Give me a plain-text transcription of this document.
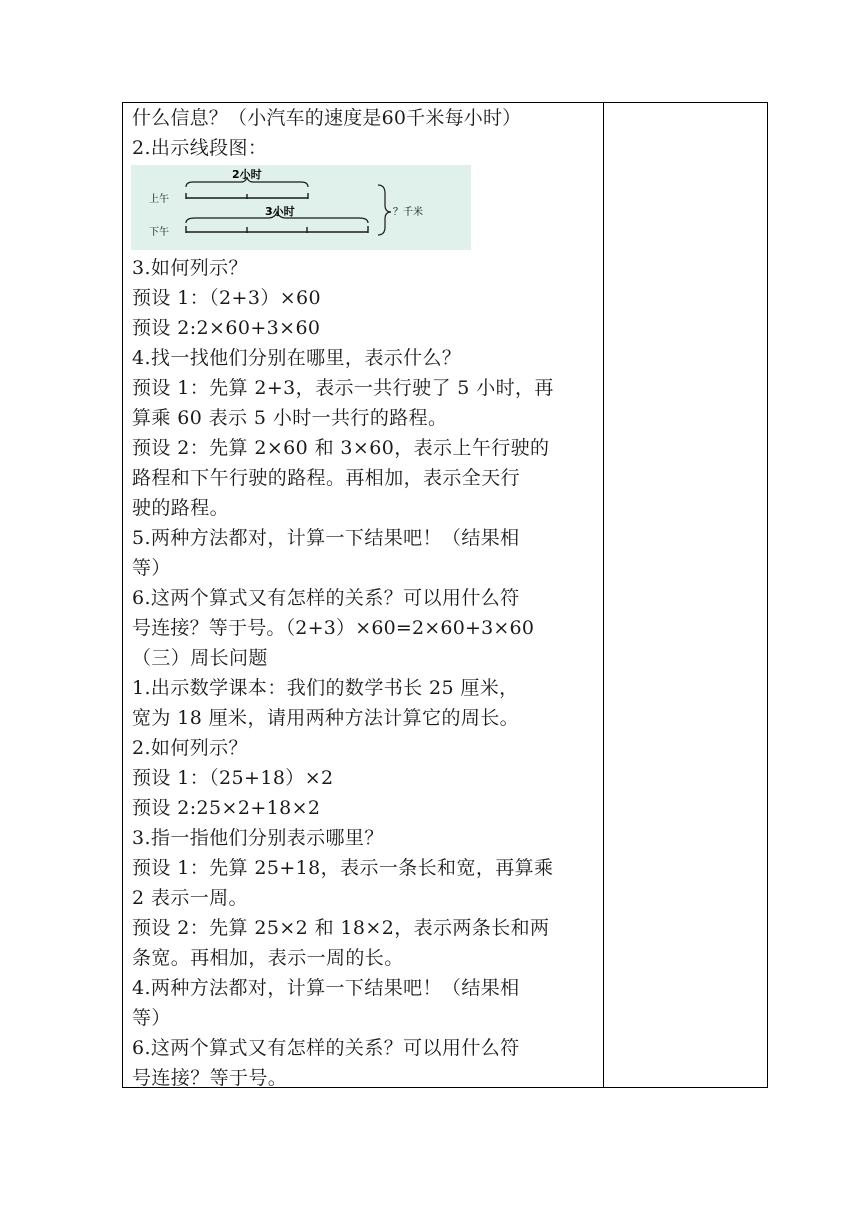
什么信息？（小汽车的速度是60千米每小时）
2.出示线段图：
2小时
上午
3小时
下午
？千米
3.如何列示？
预设 1：（2+3）×60
预设 2:2×60+3×60
4.找一找他们分别在哪里，表示什么？
预设 1：先算 2+3，表示一共行驶了 5 小时，再
算乘 60 表示 5 小时一共行的路程。
预设 2：先算 2×60 和 3×60，表示上午行驶的
路程和下午行驶的路程。再相加，表示全天行
驶的路程。
5.两种方法都对，计算一下结果吧！（结果相
等）
6.这两个算式又有怎样的关系？可以用什么符
号连接？等于号。（2+3）×60=2×60+3×60
（三）周长问题
1.出示数学课本：我们的数学书长 25 厘米，
宽为 18 厘米，请用两种方法计算它的周长。
2.如何列示？
预设 1：（25+18）×2
预设 2:25×2+18×2
3.指一指他们分别表示哪里？
预设 1：先算 25+18，表示一条长和宽，再算乘
2 表示一周。
预设 2：先算 25×2 和 18×2，表示两条长和两
条宽。再相加，表示一周的长。
4.两种方法都对，计算一下结果吧！（结果相
等）
6.这两个算式又有怎样的关系？可以用什么符
号连接？等于号。
